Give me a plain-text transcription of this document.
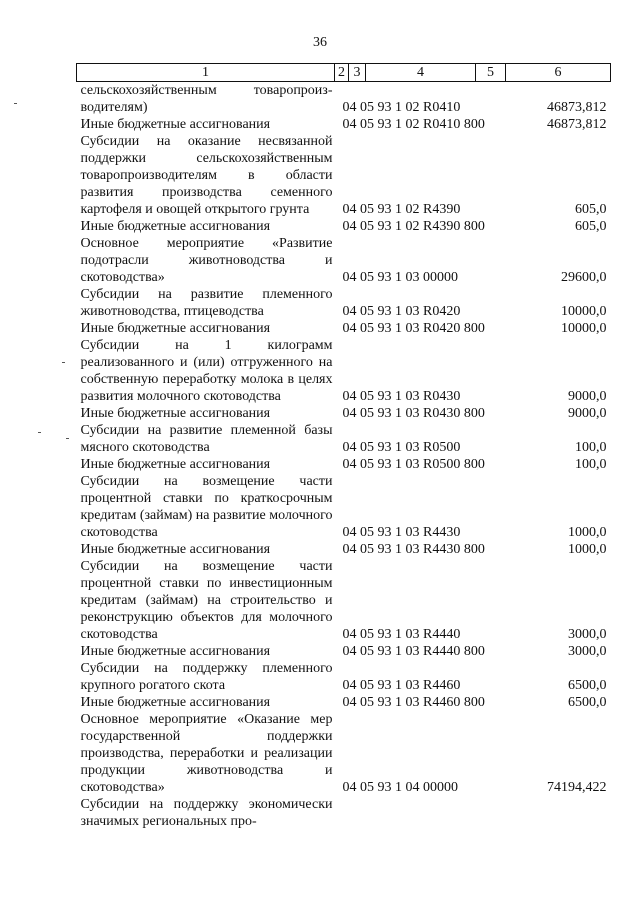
36
1	2	3	4	5	6
сельскохозяйственным товаропроиз-водителям)	04 05 93 1 02 R0410				46873,812
Иные бюджетные ассигнования	04 05 93 1 02 R0410 800				46873,812
Субсидии на оказание несвязанной поддержки сельскохозяйственным товаропроизводителям в области развития производства семенного картофеля и овощей открытого грунта	04 05 93 1 02 R4390				605,0
Иные бюджетные ассигнования	04 05 93 1 02 R4390 800				605,0
Основное мероприятие «Развитие подотрасли животноводства и скотоводства»	04 05 93 1 03 00000				29600,0
Субсидии на развитие племенного животноводства, птицеводства	04 05 93 1 03 R0420				10000,0
Иные бюджетные ассигнования	04 05 93 1 03 R0420 800				10000,0
Субсидии на 1 килограмм реализованного и (или) отгруженного на собственную переработку молока в целях развития молочного скотоводства	04 05 93 1 03 R0430				9000,0
Иные бюджетные ассигнования	04 05 93 1 03 R0430 800				9000,0
Субсидии на развитие племенной базы мясного скотоводства	04 05 93 1 03 R0500				100,0
Иные бюджетные ассигнования	04 05 93 1 03 R0500 800				100,0
Субсидии на возмещение части процентной ставки по краткосрочным кредитам (займам) на развитие молочного скотоводства	04 05 93 1 03 R4430				1000,0
Иные бюджетные ассигнования	04 05 93 1 03 R4430 800				1000,0
Субсидии на возмещение части процентной ставки по инвестиционным кредитам (займам) на строительство и реконструкцию объектов для молочного скотоводства	04 05 93 1 03 R4440				3000,0
Иные бюджетные ассигнования	04 05 93 1 03 R4440 800				3000,0
Субсидии на поддержку племенного крупного рогатого скота	04 05 93 1 03 R4460				6500,0
Иные бюджетные ассигнования	04 05 93 1 03 R4460 800				6500,0
Основное мероприятие «Оказание мер государственной поддержки производства, переработки и реализации продукции животноводства и скотоводства»	04 05 93 1 04 00000				74194,422
Субсидии на поддержку экономически значимых региональных про-					
